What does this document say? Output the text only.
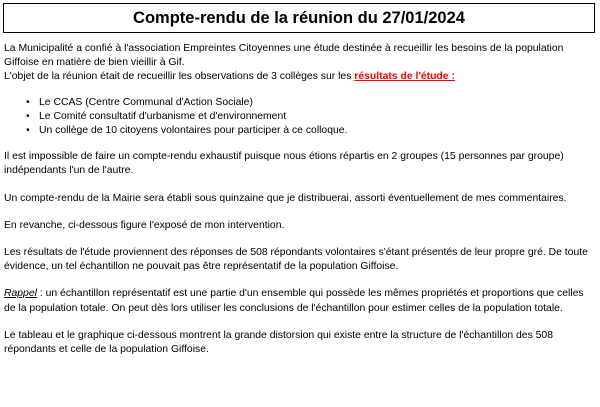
Compte-rendu de la réunion du 27/01/2024

La Municipalité a confié à l'association Empreintes Citoyennes une étude destinée à recueillir les besoins de la population Giffoise en matière de bien vieillir à Gif.
L'objet de la réunion était de recueillir les observations de 3 collèges sur les résultats de l'étude :

• Le CCAS (Centre Communal d'Action Sociale)
• Le Comité consultatif d'urbanisme et d'environnement
• Un collège de 10 citoyens volontaires pour participer à ce colloque.

Il est impossible de faire un compte-rendu exhaustif puisque nous étions répartis en 2 groupes (15 personnes par groupe) indépendants l'un de l'autre.

Un compte-rendu de la Mairie sera établi sous quinzaine que je distribuerai, assorti éventuellement de mes commentaires.

En revanche, ci-dessous figure l'exposé de mon intervention.

Les résultats de l'étude proviennent des réponses de 508 répondants volontaires s'étant présentés de leur propre gré. De toute évidence, un tel échantillon ne pouvait pas être représentatif de la population Giffoise.

Rappel : un échantillon représentatif est une partie d'un ensemble qui possède les mêmes propriétés et proportions que celles de la population totale. On peut dès lors utiliser les conclusions de l'échantillon pour estimer celles de la population totale.

Le tableau et le graphique ci-dessous montrent la grande distorsion qui existe entre la structure de l'échantillon des 508 répondants et celle de la population Giffoise.
